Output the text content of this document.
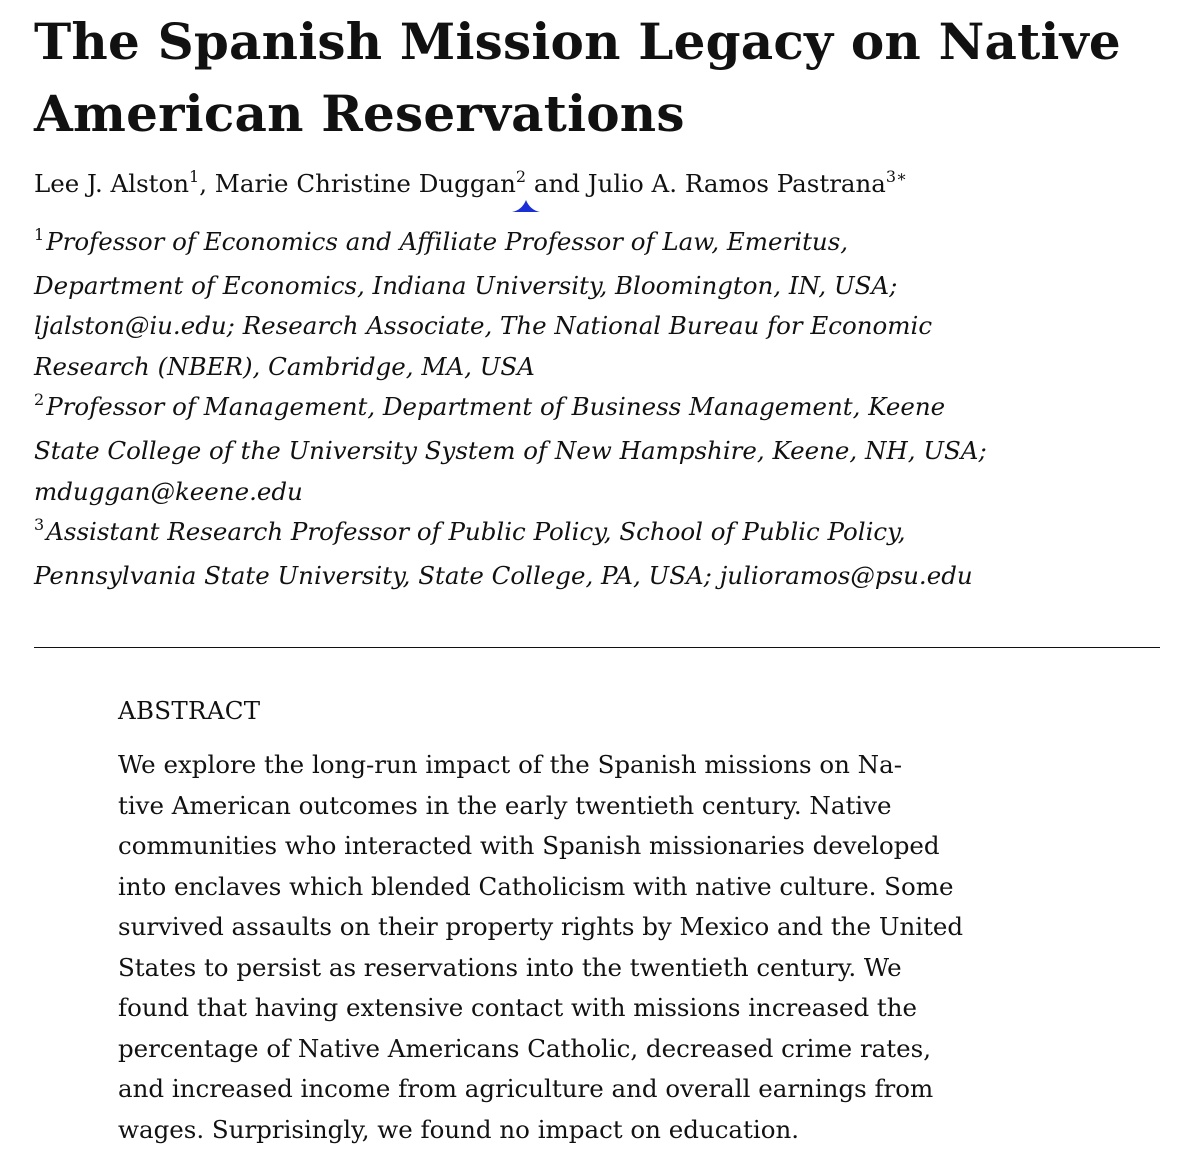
The Spanish Mission Legacy on Native
American Reservations
Lee J. Alston$^1$, Marie Christine Duggan$^2$
and Julio A. Ramos Pastrana$^{3∗}$
$^1$Professor of Economics and Affiliate Professor of Law, Emeritus,
Department of Economics, Indiana University, Bloomington, IN, USA;
ljalston@iu.edu; Research Associate, The National Bureau for Economic
Research (NBER), Cambridge, MA, USA
$^2$Professor of Management, Department of Business Management, Keene
State College of the University System of New Hampshire, Keene, NH, USA;
mduggan@keene.edu
$^3$Assistant Research Professor of Public Policy, School of Public Policy,
Pennsylvania State University, State College, PA, USA; julioramos@psu.edu
ABSTRACT
We explore the long-run impact of the Spanish missions on Na-
tive American outcomes in the early twentieth century. Native
communities who interacted with Spanish missionaries developed
into enclaves which blended Catholicism with native culture. Some
survived assaults on their property rights by Mexico and the United
States to persist as reservations into the twentieth century. We
found that having extensive contact with missions increased the
percentage of Native Americans Catholic, decreased crime rates,
and increased income from agriculture and overall earnings from
wages. Surprisingly, we found no impact on education.
